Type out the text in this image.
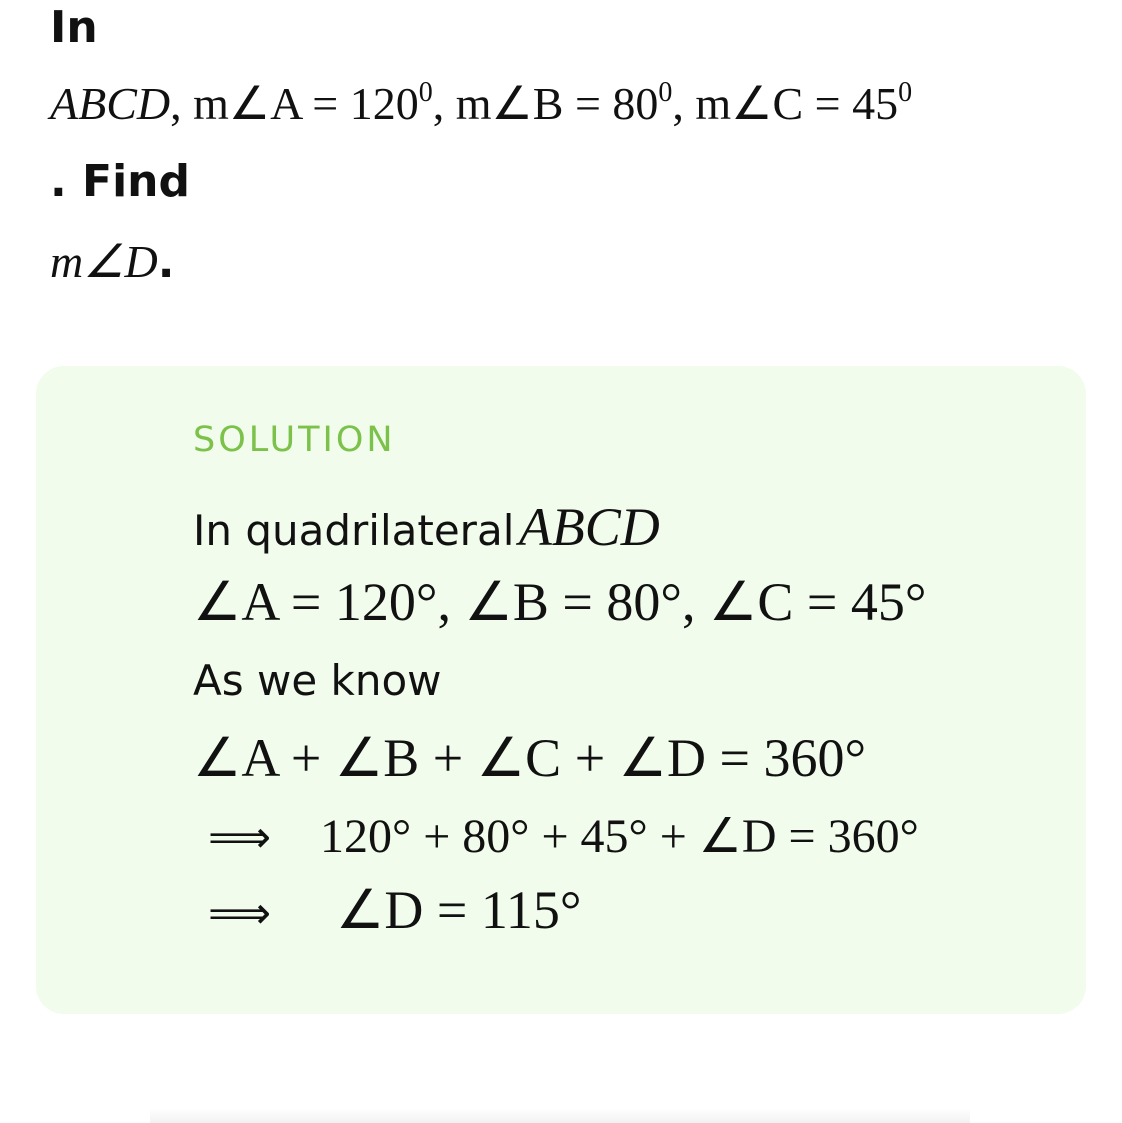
In
ABCD, m∠A = $120^0$, m∠B = $80^0$, m∠C = $45^0$
. Find
m∠D.
SOLUTION
In quadrilateral ABCD
∠A = 120°, ∠B = 80°, ∠C = 45°
As we know
∠A + ∠B + ∠C + ∠D = 360°
⟹ 120° + 80° + 45° + ∠D = 360°
⟹ ∠D = 115°
